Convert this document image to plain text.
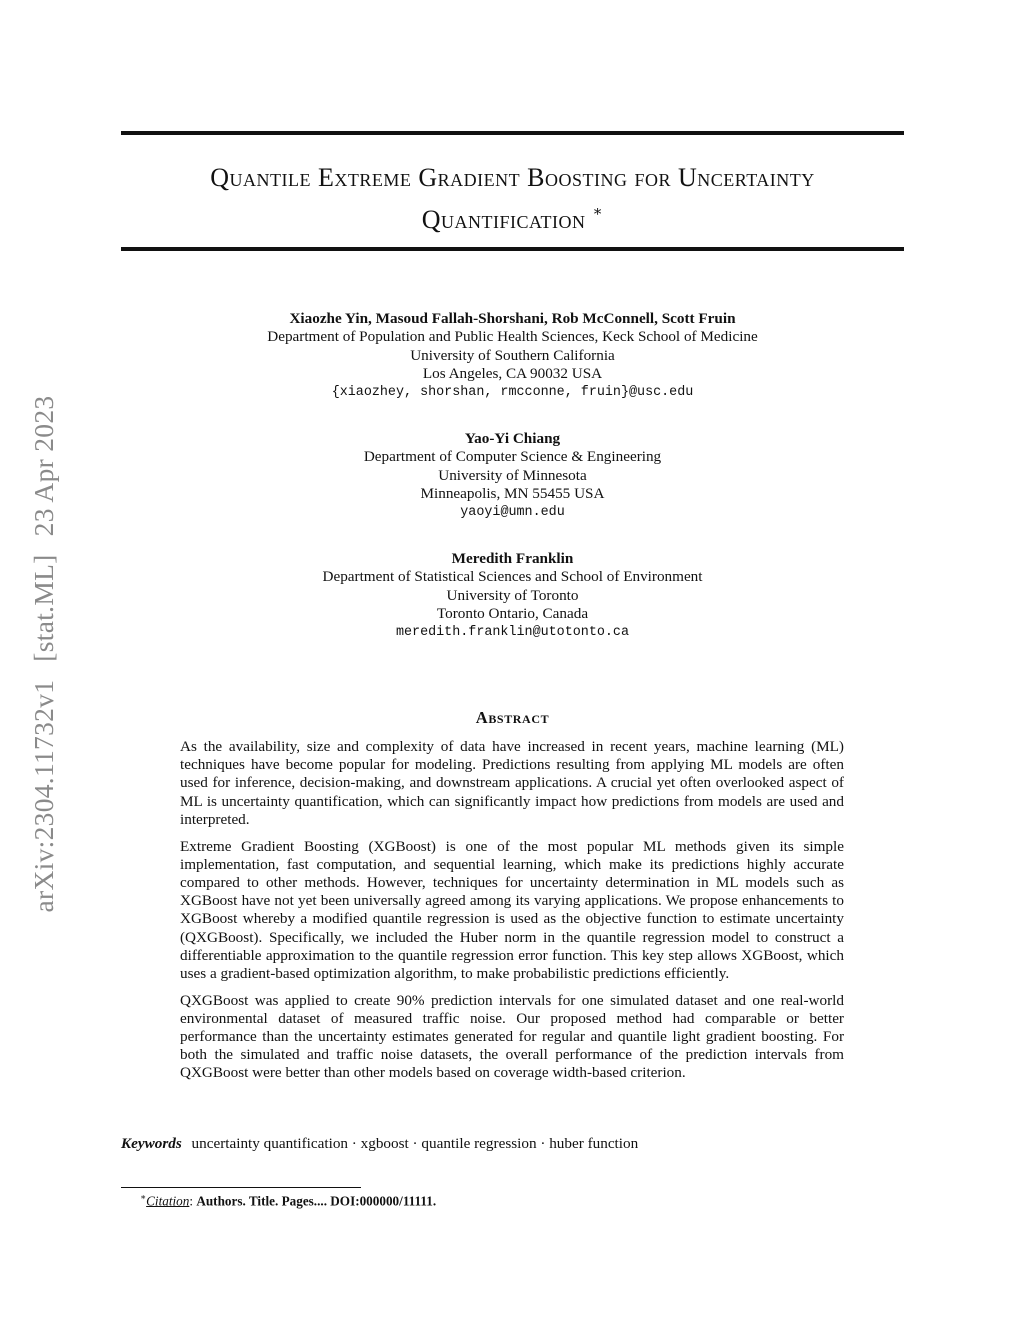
Quantile Extreme Gradient Boosting for Uncertainty
Quantification ∗
arXiv:2304.11732v1[stat.ML]23 Apr 2023
Xiaozhe Yin, Masoud Fallah-Shorshani, Rob McConnell, Scott Fruin
Department of Population and Public Health Sciences, Keck School of Medicine
University of Southern California
Los Angeles, CA 90032 USA
{xiaozhey, shorshan, rmcconne, fruin}@usc.edu
Yao-Yi Chiang
Department of Computer Science & Engineering
University of Minnesota
Minneapolis, MN 55455 USA
yaoyi@umn.edu
Meredith Franklin
Department of Statistical Sciences and School of Environment
University of Toronto
Toronto Ontario, Canada
meredith.franklin@utotonto.ca
Abstract

As the availability, size and complexity of data have increased in recent years, machine learning (ML) techniques have become popular for modeling. Predictions resulting from applying ML models are often used for inference, decision-making, and downstream applications. A crucial yet often overlooked aspect of ML is uncertainty quantification, which can significantly impact how predictions from models are used and interpreted.

Extreme Gradient Boosting (XGBoost) is one of the most popular ML methods given its simple implementation, fast computation, and sequential learning, which make its predictions highly accurate compared to other methods. However, techniques for uncertainty determination in ML models such as XGBoost have not yet been universally agreed among its varying applications. We propose enhancements to XGBoost whereby a modified quantile regression is used as the objective function to estimate uncertainty (QXGBoost). Specifically, we included the Huber norm in the quantile regression model to construct a differentiable approximation to the quantile regression error function. This key step allows XGBoost, which uses a gradient-based optimization algorithm, to make probabilistic predictions efficiently.

QXGBoost was applied to create 90% prediction intervals for one simulated dataset and one real-world environmental dataset of measured traffic noise. Our proposed method had comparable or better performance than the uncertainty estimates generated for regular and quantile light gradient boosting. For both the simulated and traffic noise datasets, the overall performance of the prediction intervals from QXGBoost were better than other models based on coverage width-based criterion.

Keywords uncertainty quantification · xgboost · quantile regression · huber function
∗Citation: Authors. Title. Pages.... DOI:000000/11111.
